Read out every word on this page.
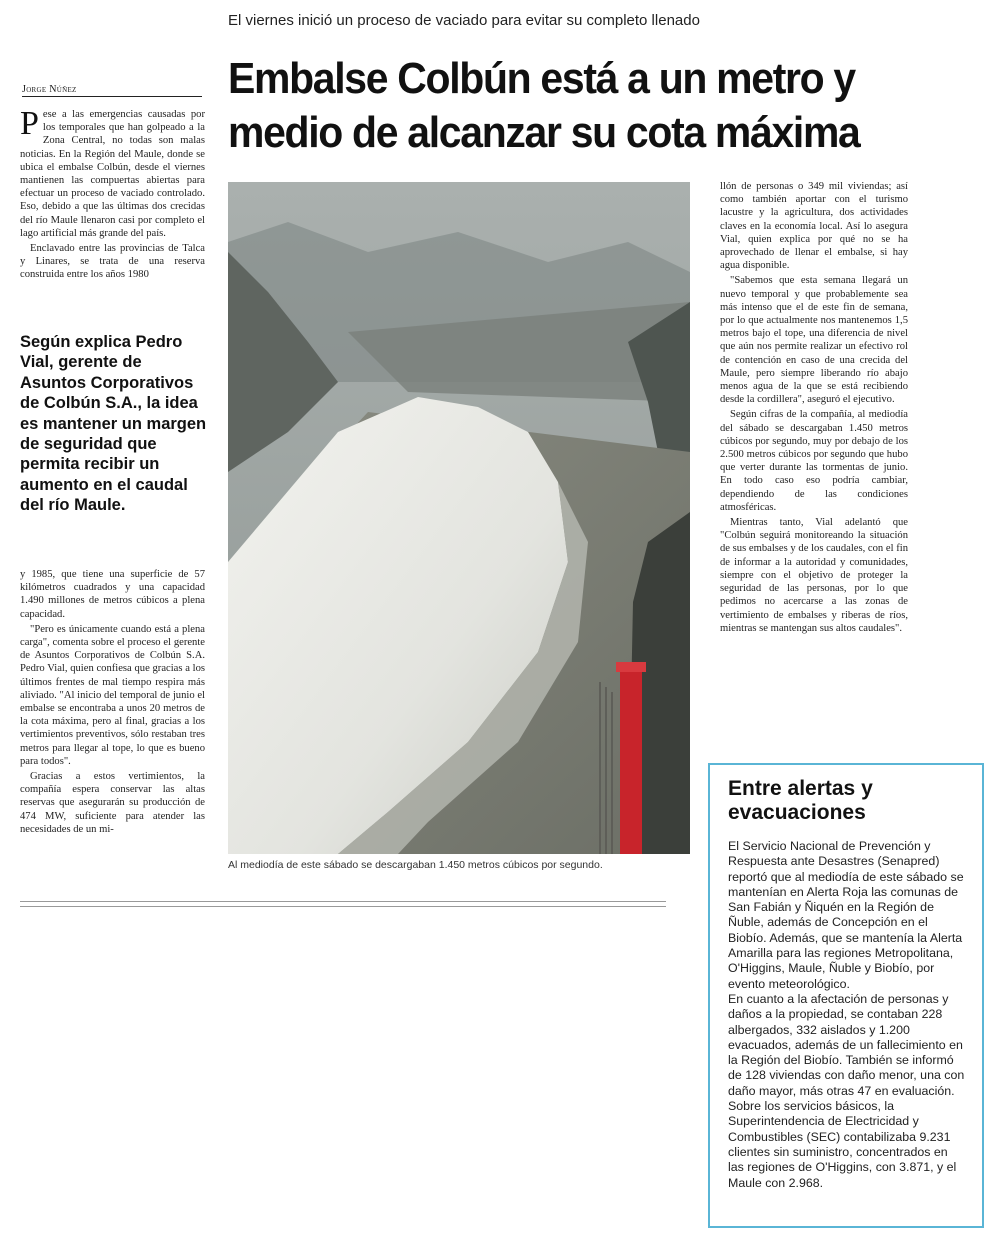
El viernes inició un proceso de vaciado para evitar su completo llenado
Embalse Colbún está a un metro y
medio de alcanzar su cota máxima
Jorge Núñez

Pese a las emergencias causadas por los temporales que han golpeado a la Zona Central, no todas son malas noticias. En la Región del Maule, donde se ubica el embalse Colbún, desde el viernes mantienen las compuertas abiertas para efectuar un proceso de vaciado controlado. Eso, debido a que las últimas dos crecidas del río Maule llenaron casi por completo el lago artificial más grande del país.

Enclavado entre las provincias de Talca y Linares, se trata de una reserva construida entre los años 1980

Según explica Pedro Vial, gerente de Asuntos Corporativos de Colbún S.A., la idea es mantener un margen de seguridad que permita recibir un aumento en el caudal del río Maule.

y 1985, que tiene una superficie de 57 kilómetros cuadrados y una capacidad 1.490 millones de metros cúbicos a plena capacidad.

"Pero es únicamente cuando está a plena carga", comenta sobre el proceso el gerente de Asuntos Corporativos de Colbún S.A. Pedro Vial, quien confiesa que gracias a los últimos frentes de mal tiempo respira más aliviado. "Al inicio del temporal de junio el embalse se encontraba a unos 20 metros de la cota máxima, pero al final, gracias a los vertimientos preventivos, sólo restaban tres metros para llegar al tope, lo que es bueno para todos".

Gracias a estos vertimientos, la compañía espera conservar las altas reservas que asegurarán su producción de 474 MW, suficiente para atender las necesidades de un mi-

Al mediodía de este sábado se descargaban 1.450 metros cúbicos por segundo.

llón de personas o 349 mil viviendas; así como también aportar con el turismo lacustre y la agricultura, dos actividades claves en la economía local. Así lo asegura Vial, quien explica por qué no se ha aprovechado de llenar el embalse, si hay agua disponible.

"Sabemos que esta semana llegará un nuevo temporal y que probablemente sea más intenso que el de este fin de semana, por lo que actualmente nos mantenemos 1,5 metros bajo el tope, una diferencia de nivel que aún nos permite realizar un efectivo rol de contención en caso de una crecida del Maule, pero siempre liberando río abajo menos agua de la que se está recibiendo desde la cordillera", aseguró el ejecutivo.

Según cifras de la compañía, al mediodía del sábado se descargaban 1.450 metros cúbicos por segundo, muy por debajo de los 2.500 metros cúbicos por segundo que hubo que verter durante las tormentas de junio. En todo caso eso podría cambiar, dependiendo de las condiciones atmosféricas.

Mientras tanto, Vial adelantó que "Colbún seguirá monitoreando la situación de sus embalses y de los caudales, con el fin de informar a la autoridad y comunidades, siempre con el objetivo de proteger la seguridad de las personas, por lo que pedimos no acercarse a las zonas de vertimiento de embalses y riberas de ríos, mientras se mantengan sus altos caudales".

Entre alertas y
evacuaciones

El Servicio Nacional de Prevención y Respuesta ante Desastres (Senapred) reportó que al mediodía de este sábado se mantenían en Alerta Roja las comunas de San Fabián y Ñiquén en la Región de Ñuble, además de Concepción en el Biobío. Además, que se mantenía la Alerta Amarilla para las regiones Metropolitana, O'Higgins, Maule, Ñuble y Biobío, por evento meteorológico.

En cuanto a la afectación de personas y daños a la propiedad, se contaban 228 albergados, 332 aislados y 1.200 evacuados, además de un fallecimiento en la Región del Biobío. También se informó de 128 viviendas con daño menor, una con daño mayor, más otras 47 en evaluación.

Sobre los servicios básicos, la Superintendencia de Electricidad y Combustibles (SEC) contabilizaba 9.231 clientes sin suministro, concentrados en las regiones de O'Higgins, con 3.871, y el Maule con 2.968.
